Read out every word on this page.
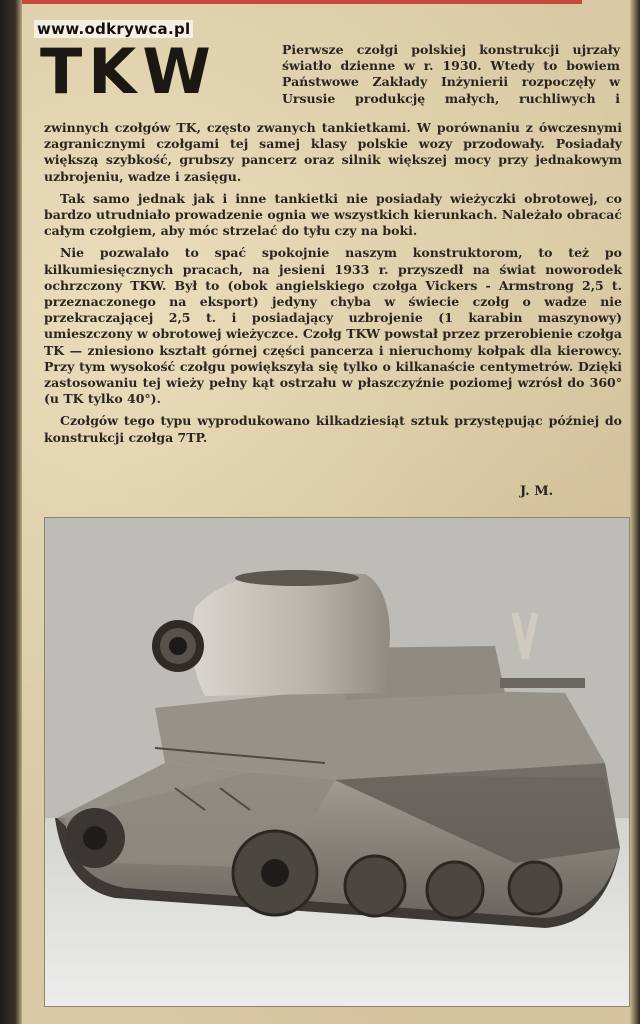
www.odkrywca.pl
TKW	Pierwsze czołgi polskiej konstrukcji ujrzały światło dzienne w r. 1930. Wtedy to bowiem Państwowe Zakłady Inżynierii rozpoczęły w Ursusie produkcję małych, ruchliwych i

zwinnych czołgów TK, często zwanych tankietkami. W porównaniu z ówczesnymi zagranicznymi czołgami tej samej klasy polskie wozy przodowały. Posiadały większą szybkość, grubszy pancerz oraz silnik większej mocy przy jednakowym uzbrojeniu, wadze i zasięgu.

Tak samo jednak jak i inne tankietki nie posiadały wieżyczki obrotowej, co bardzo utrudniało prowadzenie ognia we wszystkich kierunkach. Należało obracać całym czołgiem, aby móc strzelać do tyłu czy na boki.

Nie pozwalało to spać spokojnie naszym konstruktorom, to też po kilkumiesięcznych pracach, na jesieni 1933 r. przyszedł na świat noworodek ochrzczony TKW. Był to (obok angielskiego czołga Vickers - Armstrong 2,5 t. przeznaczonego na eksport) jedyny chyba w świecie czołg o wadze nie przekraczającej 2,5 t. i posiadający uzbrojenie (1 karabin maszynowy) umieszczony w obrotowej wieżyczce. Czołg TKW powstał przez przerobienie czołga TK — zniesiono kształt górnej części pancerza i nieruchomy kołpak dla kierowcy. Przy tym wysokość czołgu powiększyła się tylko o kilkanaście centymetrów. Dzięki zastosowaniu tej wieży pełny kąt ostrzału w płaszczyźnie poziomej wzrósł do 360° (u TK tylko 40°).

Czołgów tego typu wyprodukowano kilkadziesiąt sztuk przystępując później do konstrukcji czołga 7TP.

J. M.
